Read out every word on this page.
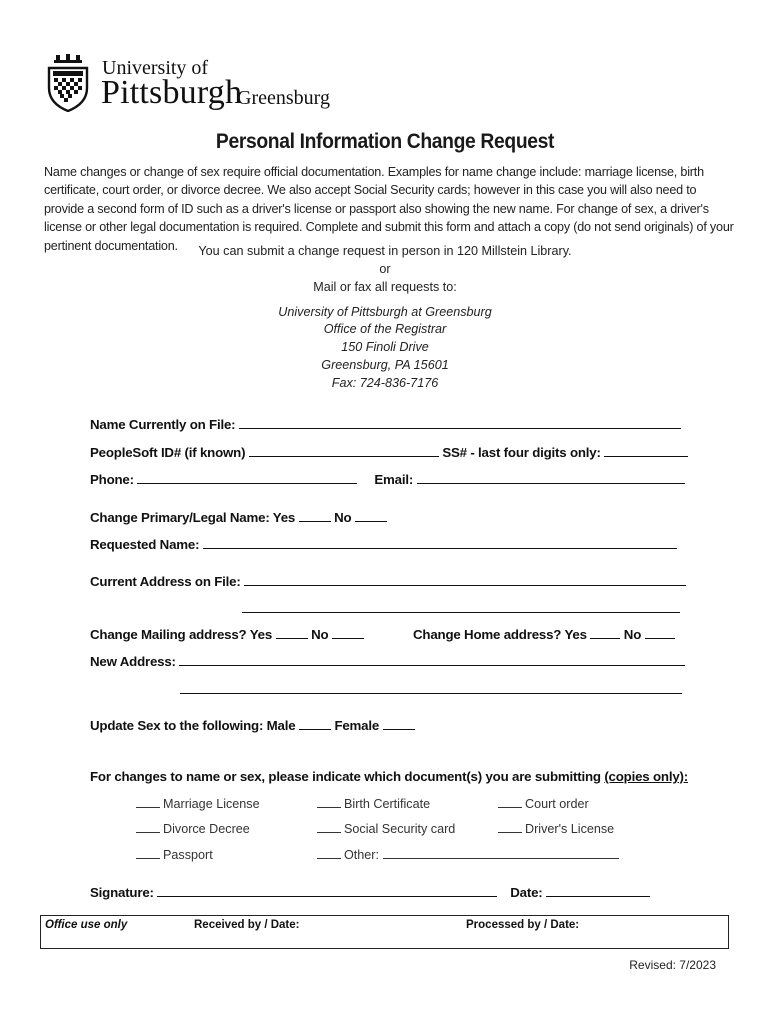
University of
Pittsburgh
Greensburg
Personal Information Change Request
Name changes or change of sex require official documentation. Examples for name change include: marriage license, birth certificate, court order, or divorce decree. We also accept Social Security cards; however in this case you will also need to provide a second form of ID such as a driver's license or passport also showing the new name. For change of sex, a driver's license or other legal documentation is required. Complete and submit this form and attach a copy (do not send originals) of your pertinent documentation.	You can submit a change request in person in 120 Millstein Library.
or
Mail or fax all requests to:
University of Pittsburgh at Greensburg
Office of the Registrar
150 Finoli Drive
Greensburg, PA 15601
Fax: 724-836-7176
Name Currently on File:
PeopleSoft ID# (if known)	SS# - last four digits only:
Phone:	Email:
Change Primary/Legal Name: Yes	No
Requested Name:
Current Address on File:
Change Mailing address? Yes	No	Change Home address? Yes	No
New Address:
Update Sex to the following: Male	Female
For changes to name or sex, please indicate which document(s) you are submitting (copies only):
Marriage License	Birth Certificate	Court order
Divorce Decree	Social Security card	Driver's License
Passport	Other:
Signature:	Date:
Office use only	Received by / Date:	Processed by / Date:
Revised: 7/2023
